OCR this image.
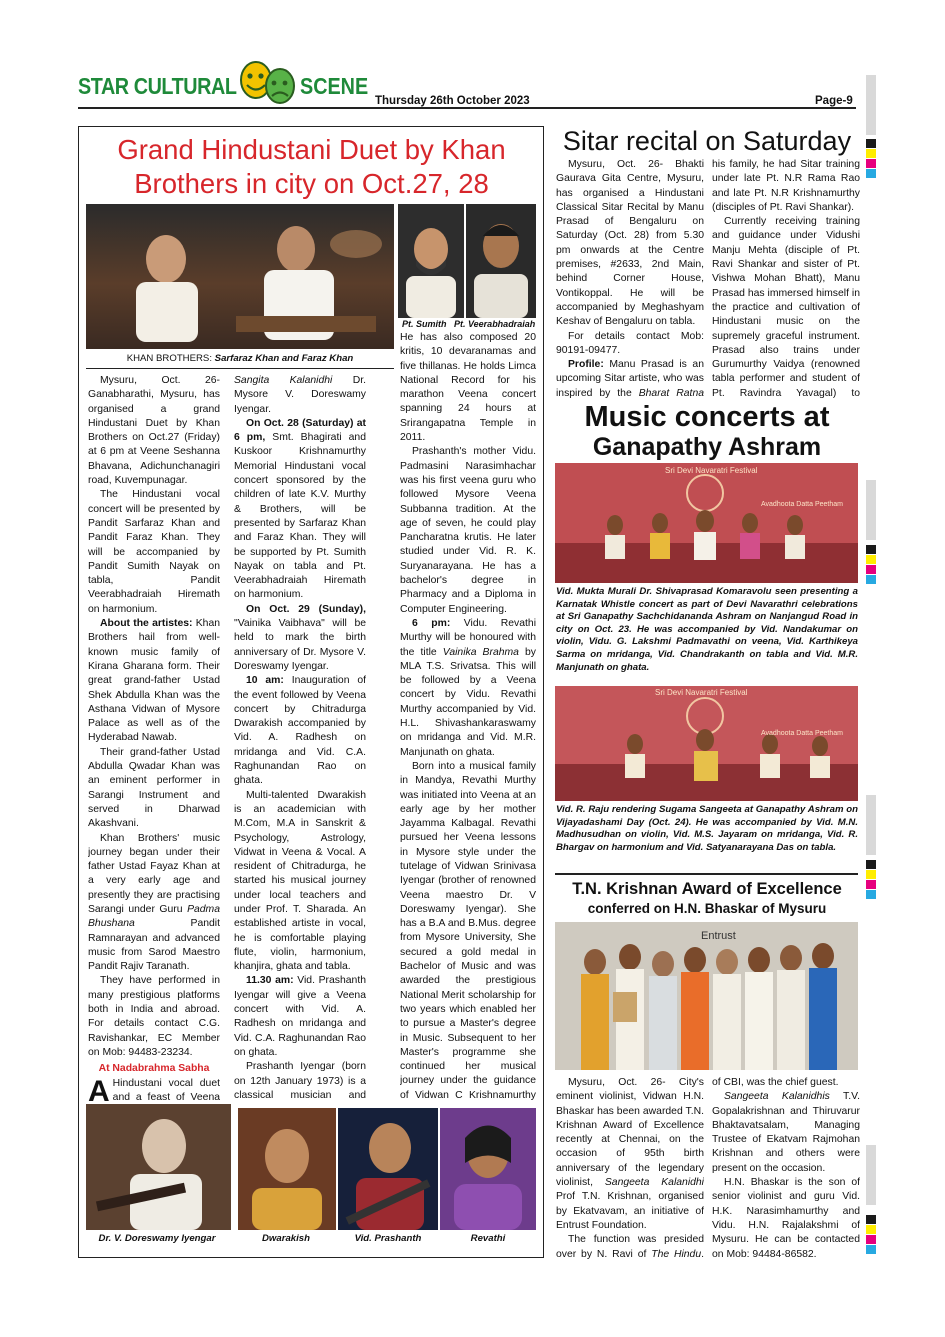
STAR CULTURAL	SCENE
Thursday 26th October 2023	Page-9
Grand Hindustani Duet by Khan Brothers in city on Oct.27, 28
Pt. Sumith Pt. Veerabhadraiah
KHAN BROTHERS: Sarfaraz Khan and Faraz Khan

Mysuru, Oct. 26- Ganabharathi, Mysuru, has organised a grand Hindustani Duet by Khan Brothers on Oct.27 (Friday) at 6 pm at Veene Seshanna Bhavana, Adichunchanagiri road, Kuvempunagar.

The Hindustani vocal concert will be presented by Pandit Sarfaraz Khan and Pandit Faraz Khan. They will be accompanied by Pandit Sumith Nayak on tabla, Pandit Veerabhadraiah Hiremath on harmonium.

About the artistes: Khan Brothers hail from well-known music family of Kirana Gharana form. Their great grand-father Ustad Shek Abdulla Khan was the Asthana Vidwan of Mysore Palace as well as of the Hyderabad Nawab.

Their grand-father Ustad Abdulla Qwadar Khan was an eminent performer in Sarangi Instrument and served in Dharwad Akashvani.

Khan Brothers' music journey began under their father Ustad Fayaz Khan at a very early age and presently they are practising Sarangi under Guru Padma Bhushana Pandit Ramnarayan and advanced music from Sarod Maestro Pandit Rajiv Taranath.

They have performed in many prestigious platforms both in India and abroad. For details contact C.G. Ravishankar, EC Member on Mob: 94483-23234.

At Nadabrahma Sabha

A Hindustani vocal duet and a feast of Veena

Sangita Kalanidhi Dr. Mysore V. Doreswamy Iyengar.

On Oct. 28 (Saturday) at 6 pm, Smt. Bhagirati and Kuskoor Krishnamurthy Memorial Hindustani vocal concert sponsored by the children of late K.V. Murthy & Brothers, will be presented by Sarfaraz Khan and Faraz Khan. They will be supported by Pt. Sumith Nayak on tabla and Pt. Veerabhadraiah Hiremath on harmonium.

On Oct. 29 (Sunday), "Vainika Vaibhava" will be held to mark the birth anniversary of Dr. Mysore V. Doreswamy Iyengar.

10 am: Inauguration of the event followed by Veena concert by Chitradurga Dwarakish accompanied by Vid. A. Radhesh on mridanga and Vid. C.A. Raghunandan Rao on ghata.

Multi-talented Dwarakish is an academician with M.Com, M.A in Sanskrit & Psychology, Astrology, Vidwat in Veena & Vocal. A resident of Chitradurga, he started his musical journey under local teachers and under Prof. T. Sharada. An established artiste in vocal, he is comfortable playing flute, violin, harmonium, khanjira, ghata and tabla.

11.30 am: Vid. Prashanth Iyengar will give a Veena concert with Vid. A. Radhesh on mridanga and Vid. C.A. Raghunandan Rao on ghata.

Prashanth Iyengar (born on 12th January 1973) is a classical musician and

He has also composed 20 kritis, 10 devaranamas and five thillanas. He holds Limca National Record for his marathon Veena concert spanning 24 hours at Srirangapatna Temple in 2011.

Prashanth's mother Vidu. Padmasini Narasimhachar was his first veena guru who followed Mysore Veena Subbanna tradition. At the age of seven, he could play Pancharatna krutis. He later studied under Vid. R. K. Suryanarayana. He has a bachelor's degree in Pharmacy and a Diploma in Computer Engineering.

6 pm: Vidu. Revathi Murthy will be honoured with the title Vainika Brahma by MLA T.S. Srivatsa. This will be followed by a Veena concert by Vidu. Revathi Murthy accompanied by Vid. H.L. Shivashankaraswamy on mridanga and Vid. M.R. Manjunath on ghata.

Born into a musical family in Mandya, Revathi Murthy was initiated into Veena at an early age by her mother Jayamma Kalbagal. Revathi pursued her Veena lessons in Mysore style under the tutelage of Vidwan Srinivasa Iyengar (brother of renowned Veena maestro Dr. V Doreswamy Iyengar). She has a B.A and B.Mus. degree from Mysore University, She secured a gold medal in Bachelor of Music and was awarded the prestigious National Merit scholarship for two years which enabled her to pursue a Master's degree in Music. Subsequent to her Master's programme she continued her musical journey under the guidance of Vidwan C Krishnamurthy

Dr. V. Doreswamy Iyengar	Dwarakish	Vid. Prashanth	Revathi
Sitar recital on Saturday

Mysuru, Oct. 26- Bhakti Gaurava Gita Centre, Mysuru, has organised a Hindustani Classical Sitar Recital by Manu Prasad of Bengaluru on Saturday (Oct. 28) from 5.30 pm onwards at the Centre premises, #2633, 2nd Main, behind Corner House, Vontikoppal. He will be accompanied by Meghashyam Keshav of Bengaluru on tabla.

For details contact Mob: 90191-09477.

Profile: Manu Prasad is an upcoming Sitar artiste, who was inspired by the Bharat Ratna

his family, he had Sitar training under late Pt. N.R Rama Rao and late Pt. N.R Krishnamurthy (disciples of Pt. Ravi Shankar).

Currently receiving training and guidance under Vidushi Manju Mehta (disciple of Pt. Ravi Shankar and sister of Pt. Vishwa Mohan Bhatt), Manu Prasad has immersed himself in the practice and cultivation of Hindustani music on the supremely graceful instrument. Prasad also trains under Gurumurthy Vaidya (renowned tabla performer and student of Pt. Ravindra Yavagal) to

Music concerts at
Ganapathy Ashram
Sri Devi Navaratri Festival
Avadhoota Datta Peetham
Vid. Mukta Murali Dr. Shivaprasad Komaravolu seen presenting a Karnatak Whistle concert as part of Devi Navarathri celebrations at Sri Ganapathy Sachchidananda Ashram on Nanjangud Road in city on Oct. 23. He was accompanied by Vid. Nandakumar on violin, Vidu. G. Lakshmi Padmavathi on veena, Vid. Karthikeya Sarma on mridanga, Vid. Chandrakanth on tabla and Vid. M.R. Manjunath on ghata.
Sri Devi Navaratri Festival
Avadhoota Datta Peetham
Vid. R. Raju rendering Sugama Sangeeta at Ganapathy Ashram on Vijayadashami Day (Oct. 24). He was accompanied by Vid. M.N. Madhusudhan on violin, Vid. M.S. Jayaram on mridanga, Vid. R. Bhargav on harmonium and Vid. Satyanarayana Das on tabla.
T.N. Krishnan Award of Excellence
conferred on H.N. Bhaskar of Mysuru
Entrust

Mysuru, Oct. 26- City's eminent violinist, Vidwan H.N. Bhaskar has been awarded T.N. Krishnan Award of Excellence recently at Chennai, on the occasion of 95th birth anniversary of the legendary violinist, Sangeeta Kalanidhi Prof T.N. Krishnan, organised by Ekatvavam, an initiative of Entrust Foundation.

The function was presided over by N. Ravi of The Hindu.

of CBI, was the chief guest.

Sangeeta Kalanidhis T.V. Gopalakrishnan and Thiruvarur Bhaktavatsalam, Managing Trustee of Ekatvam Rajmohan Krishnan and others were present on the occasion.

H.N. Bhaskar is the son of senior violinist and guru Vid. H.K. Narasimhamurthy and Vidu. H.N. Rajalakshmi of Mysuru. He can be contacted on Mob: 94484-86582.
